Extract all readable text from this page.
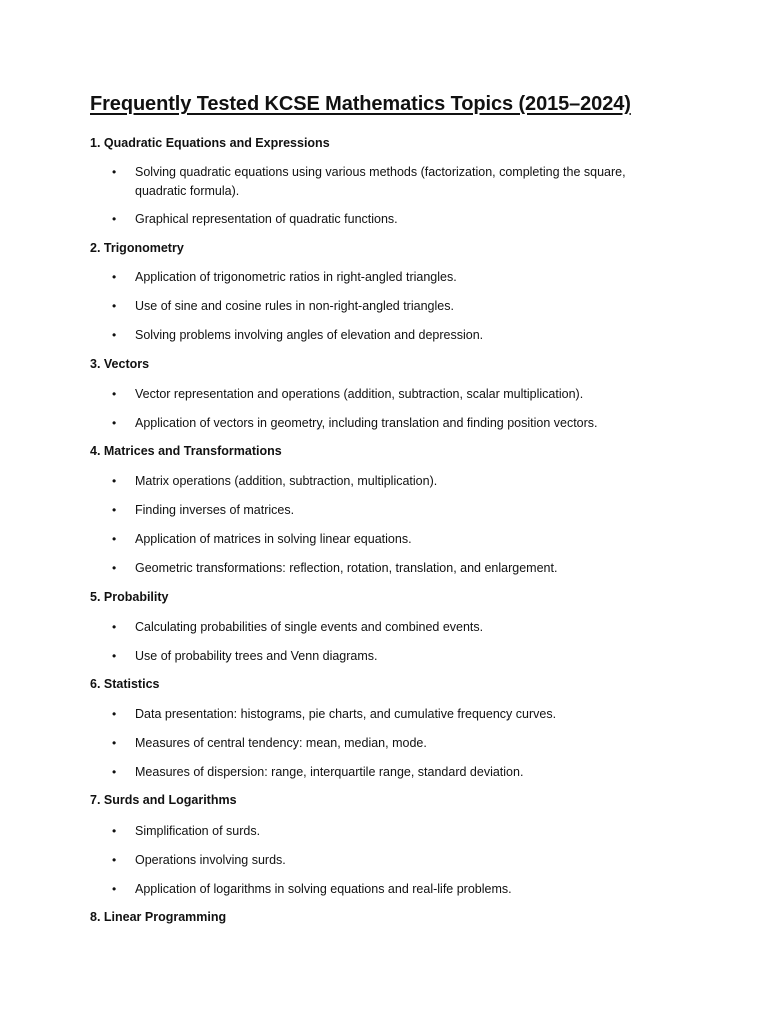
Frequently Tested KCSE Mathematics Topics (2015–2024)
1. Quadratic Equations and Expressions
•	Solving quadratic equations using various methods (factorization, completing the square, quadratic formula).
•	Graphical representation of quadratic functions.
2. Trigonometry
•	Application of trigonometric ratios in right-angled triangles.
•	Use of sine and cosine rules in non-right-angled triangles.
•	Solving problems involving angles of elevation and depression.
3. Vectors
•	Vector representation and operations (addition, subtraction, scalar multiplication).
•	Application of vectors in geometry, including translation and finding position vectors.
4. Matrices and Transformations
•	Matrix operations (addition, subtraction, multiplication).
•	Finding inverses of matrices.
•	Application of matrices in solving linear equations.
•	Geometric transformations: reflection, rotation, translation, and enlargement.
5. Probability
•	Calculating probabilities of single events and combined events.
•	Use of probability trees and Venn diagrams.
6. Statistics
•	Data presentation: histograms, pie charts, and cumulative frequency curves.
•	Measures of central tendency: mean, median, mode.
•	Measures of dispersion: range, interquartile range, standard deviation.
7. Surds and Logarithms
•	Simplification of surds.
•	Operations involving surds.
•	Application of logarithms in solving equations and real-life problems.
8. Linear Programming
